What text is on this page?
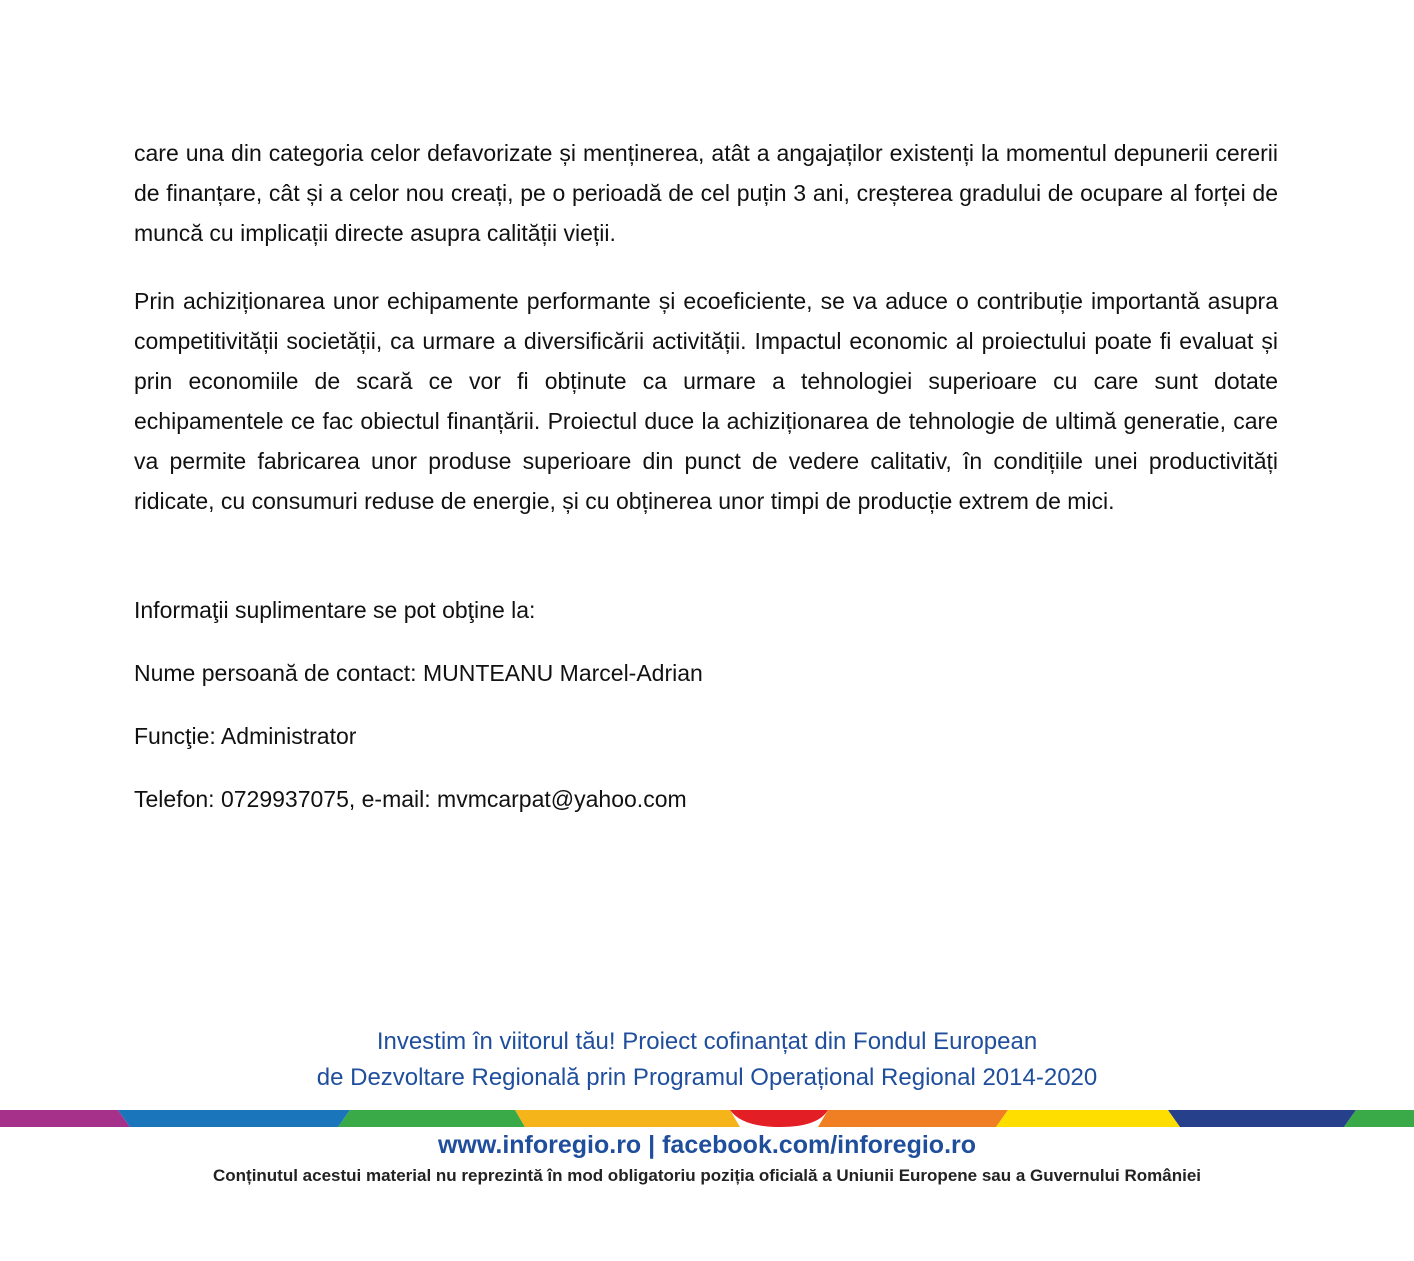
care una din categoria celor defavorizate și menținerea, atât a angajaților existenți la momentul depunerii cererii de finanțare, cât și a celor nou creați, pe o perioadă de cel puțin 3 ani, creșterea gradului de ocupare al forței de muncă cu implicații directe asupra calității vieții.

Prin achiziționarea unor echipamente performante și ecoeficiente, se va aduce o contribuție importantă asupra competitivității societății, ca urmare a diversificării activității. Impactul economic al proiectului poate fi evaluat și prin economiile de scară ce vor fi obținute ca urmare a tehnologiei superioare cu care sunt dotate echipamentele ce fac obiectul finanțării. Proiectul duce la achiziționarea de tehnologie de ultimă generatie, care va permite fabricarea unor produse superioare din punct de vedere calitativ, în condițiile unei productivități ridicate, cu consumuri reduse de energie, și cu obținerea unor timpi de producție extrem de mici.

Informaţii suplimentare se pot obţine la:

Nume persoană de contact: MUNTEANU Marcel-Adrian

Funcţie: Administrator

Telefon: 0729937075, e-mail: mvmcarpat@yahoo.com

Investim în viitorul tău! Proiect cofinanțat din Fondul European
de Dezvoltare Regională prin Programul Operațional Regional 2014-2020
www.inforegio.ro | facebook.com/inforegio.ro
Conținutul acestui material nu reprezintă în mod obligatoriu poziția oficială a Uniunii Europene sau a Guvernului României
